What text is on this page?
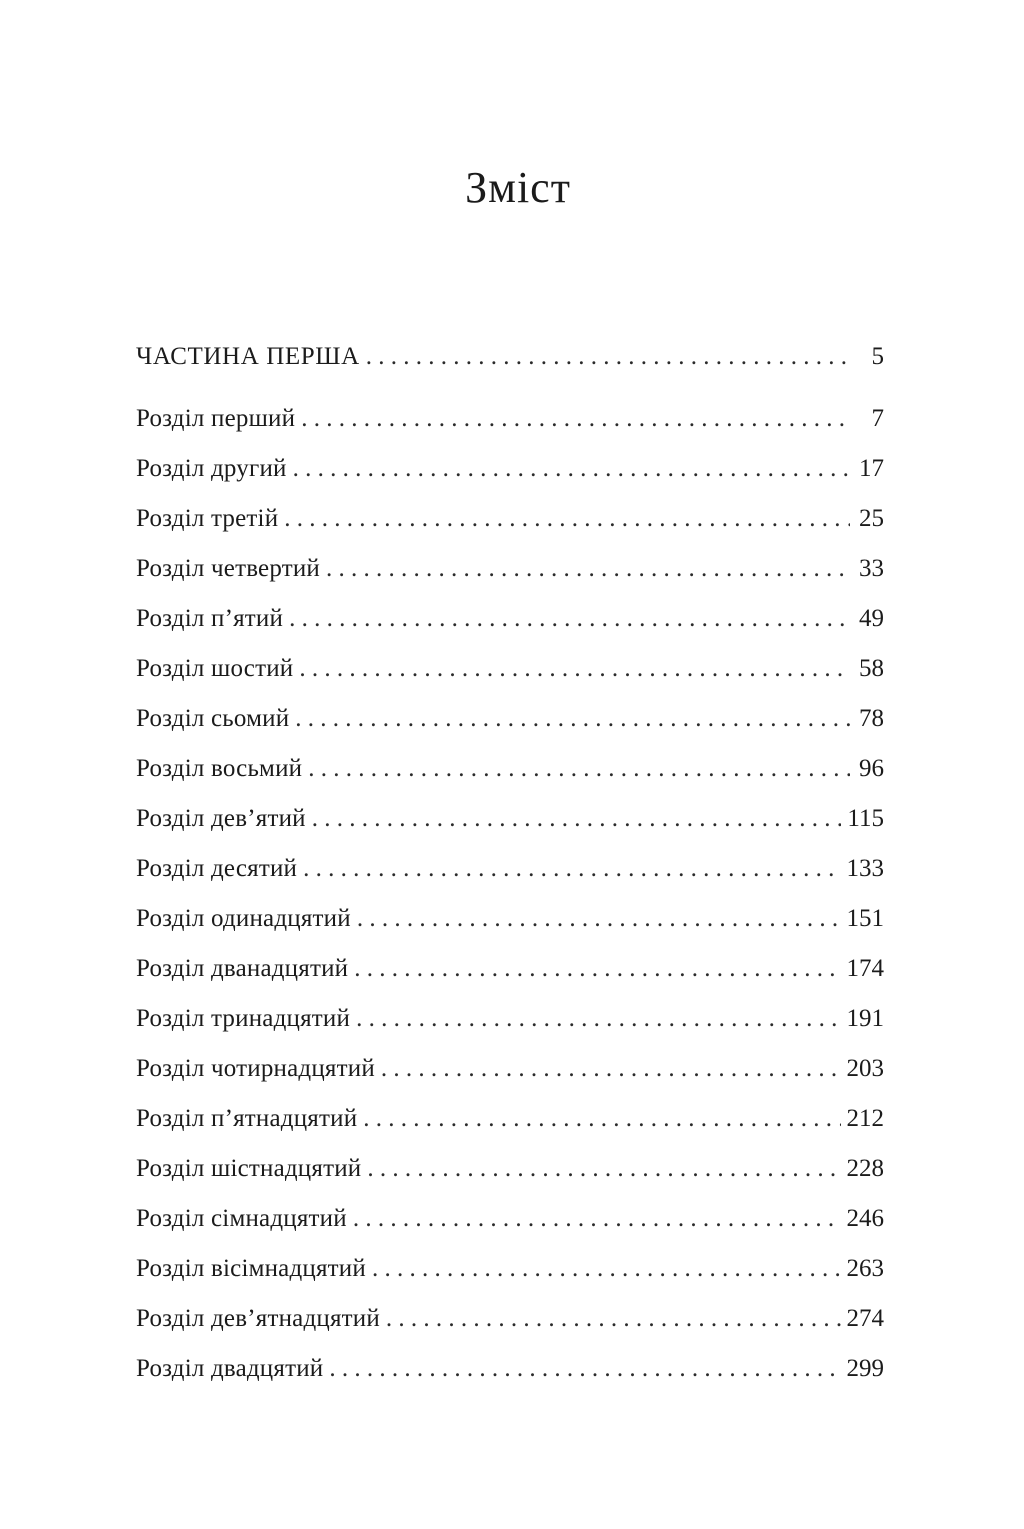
Зміст
ЧАСТИНА ПЕРША . . .	5
Розділ перший . . .	7
Розділ другий . . .	17
Розділ третій . . .	25
Розділ четвертий . . .	33
Розділ п’ятий . . .	49
Розділ шостий . . .	58
Розділ сьомий . . .	78
Розділ восьмий . . .	96
Розділ дев’ятий . . .	115
Розділ десятий . . .	133
Розділ одинадцятий . . .	151
Розділ дванадцятий . . .	174
Розділ тринадцятий . . .	191
Розділ чотирнадцятий . . .	203
Розділ п’ятнадцятий . . .	212
Розділ шістнадцятий . . .	228
Розділ сімнадцятий . . .	246
Розділ вісімнадцятий . . .	263
Розділ дев’ятнадцятий . . .	274
Розділ двадцятий . . .	299
